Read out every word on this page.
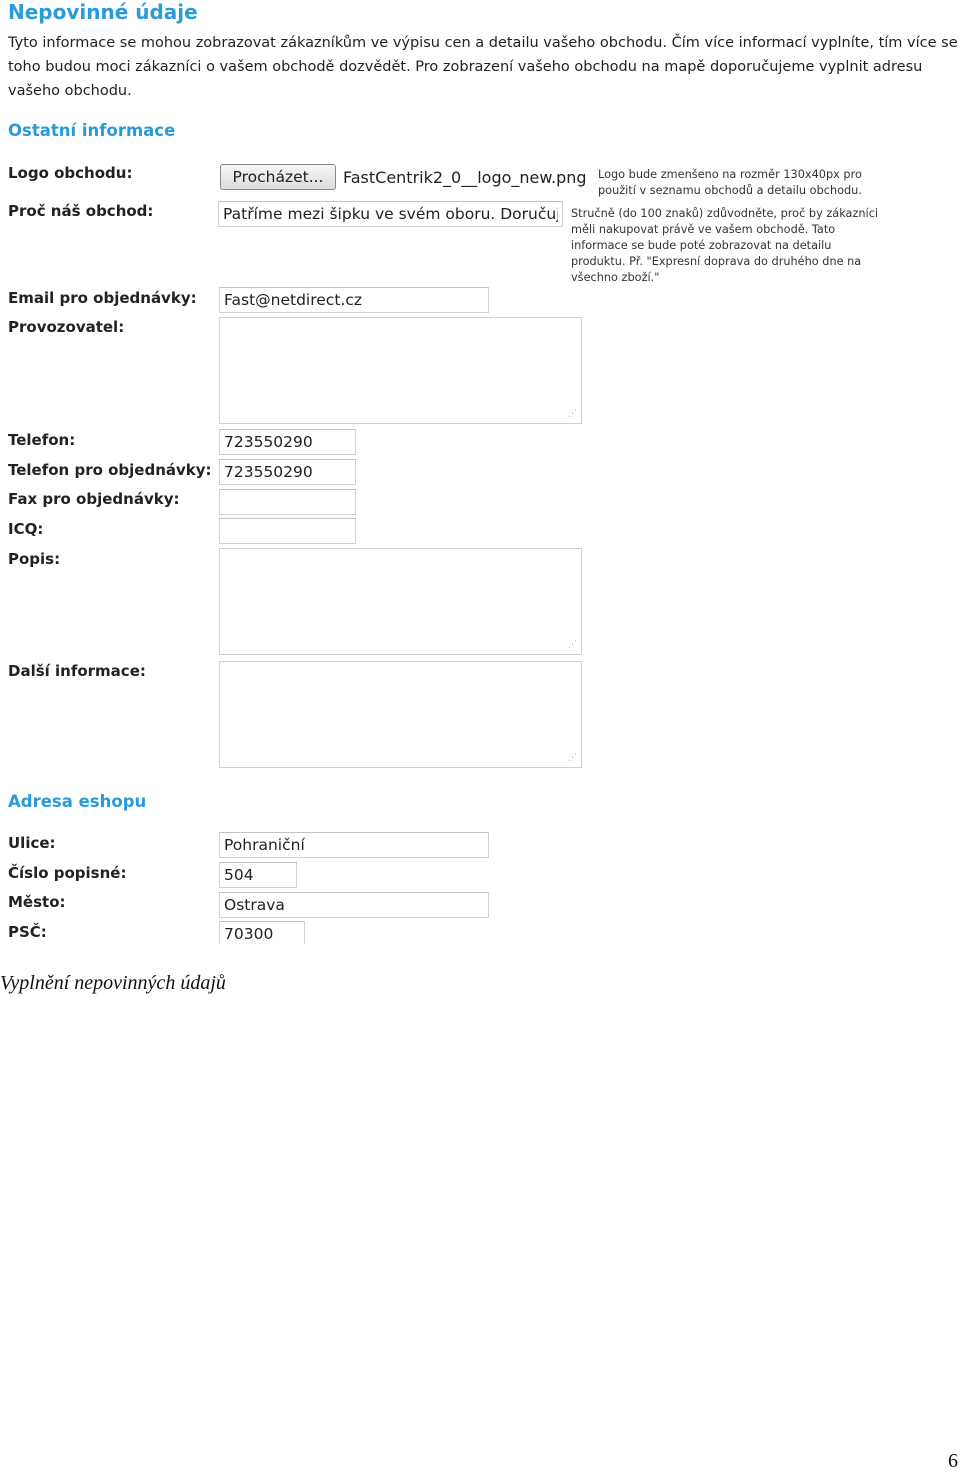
Nepovinné údaje
Tyto informace se mohou zobrazovat zákazníkům ve výpisu cen a detailu vašeho obchodu. Čím více informací vyplníte, tím více se toho budou moci zákazníci o vašem obchodě dozvědět. Pro zobrazení vašeho obchodu na mapě doporučujeme vyplnit adresu vašeho obchodu.
Ostatní informace
Logo obchodu:	Procházet...	FastCentrik2_0__logo_new.png Logo bude zmenšeno na rozměr 130x40px pro použití v seznamu obchodů a detailu obchodu.
Proč náš obchod:
Patříme mezi šipku ve svém oboru. Doručuj	Stručně (do 100 znaků) zdůvodněte, proč by zákazníci měli nakupovat právě ve vašem obchodě. Tato informace se bude poté zobrazovat na detailu produktu. Př. "Expresní doprava do druhého dne na všechno zboží."
Email pro objednávky:
Fast@netdirect.cz
Provozovatel:
⋰
Telefon:
723550290
Telefon pro objednávky:
723550290
Fax pro objednávky:
ICQ:
Popis:
⋰
Další informace:
⋰
Adresa eshopu
Ulice:
Pohraniční
Číslo popisné:
504
Město:
Ostrava
PSČ:
70300
Vyplnění nepovinných údajů
6
